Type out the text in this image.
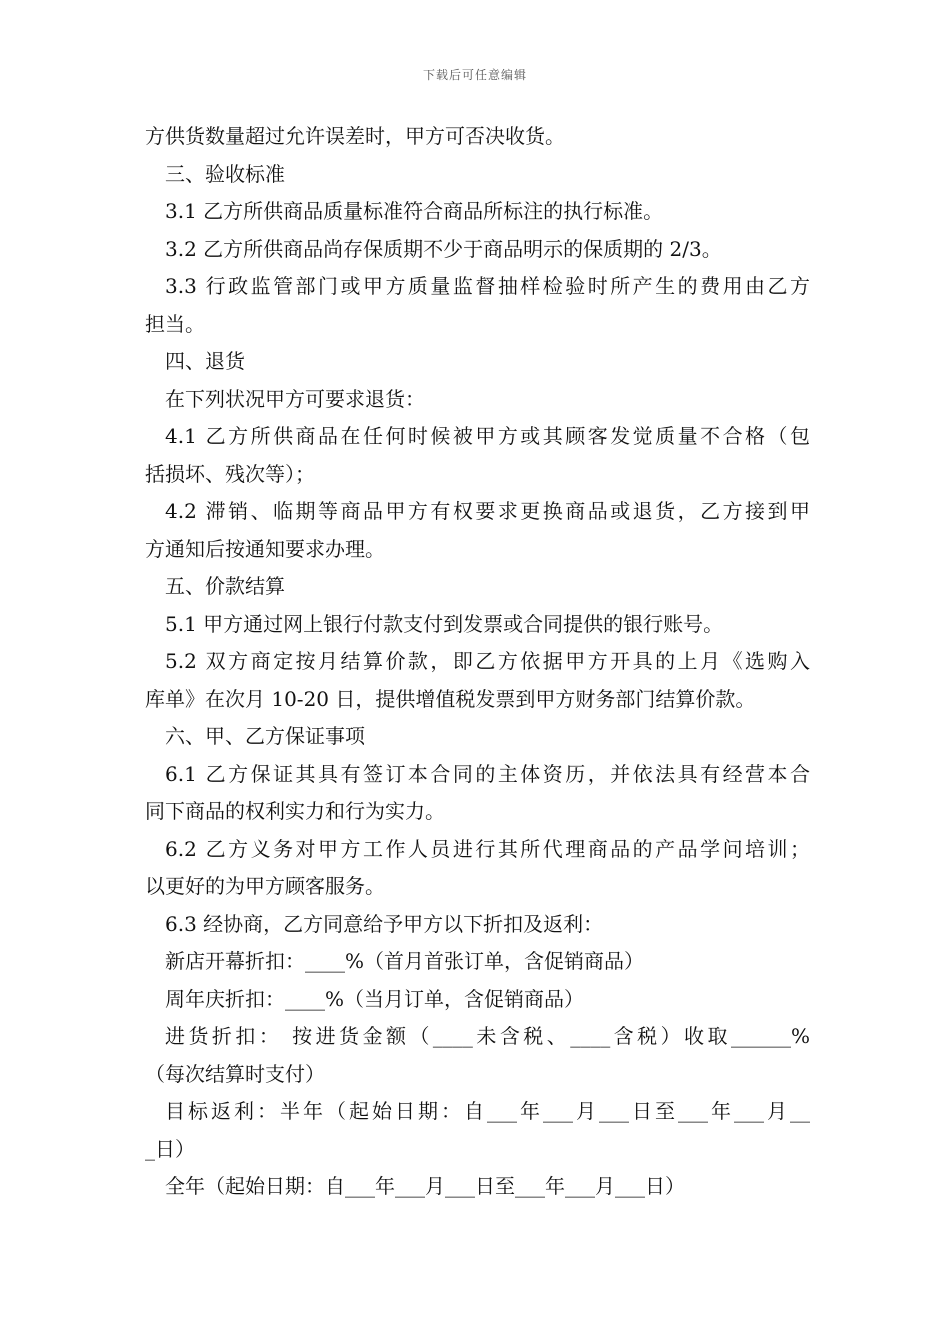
下载后可任意编辑
方供货数量超过允许误差时，甲方可否决收货。
三、验收标准
3.1 乙方所供商品质量标准符合商品所标注的执行标准。
3.2 乙方所供商品尚存保质期不少于商品明示的保质期的 2/3。
3.3 行政监管部门或甲方质量监督抽样检验时所产生的费用由乙方
担当。
四、退货
在下列状况甲方可要求退货：
4.1 乙方所供商品在任何时候被甲方或其顾客发觉质量不合格（包
括损坏、残次等）；
4.2 滞销、临期等商品甲方有权要求更换商品或退货，乙方接到甲
方通知后按通知要求办理。
五、价款结算
5.1 甲方通过网上银行付款支付到发票或合同提供的银行账号。
5.2 双方商定按月结算价款，即乙方依据甲方开具的上月《选购入
库单》在次月 10-20 日，提供增值税发票到甲方财务部门结算价款。
六、甲、乙方保证事项
6.1 乙方保证其具有签订本合同的主体资历，并依法具有经营本合
同下商品的权利实力和行为实力。
6.2 乙方义务对甲方工作人员进行其所代理商品的产品学问培训；
以更好的为甲方顾客服务。
6.3 经协商，乙方同意给予甲方以下折扣及返利：
新店开幕折扣：____%（首月首张订单，含促销商品）
周年庆折扣：____%（当月订单，含促销商品）
进货折扣： 按进货金额（____未含税、____含税）收取______%
（每次结算时支付）
目标返利：半年（起始日期：自___年___月___日至___年___月__
_日）
全年（起始日期：自___年___月___日至___年___月___日）
